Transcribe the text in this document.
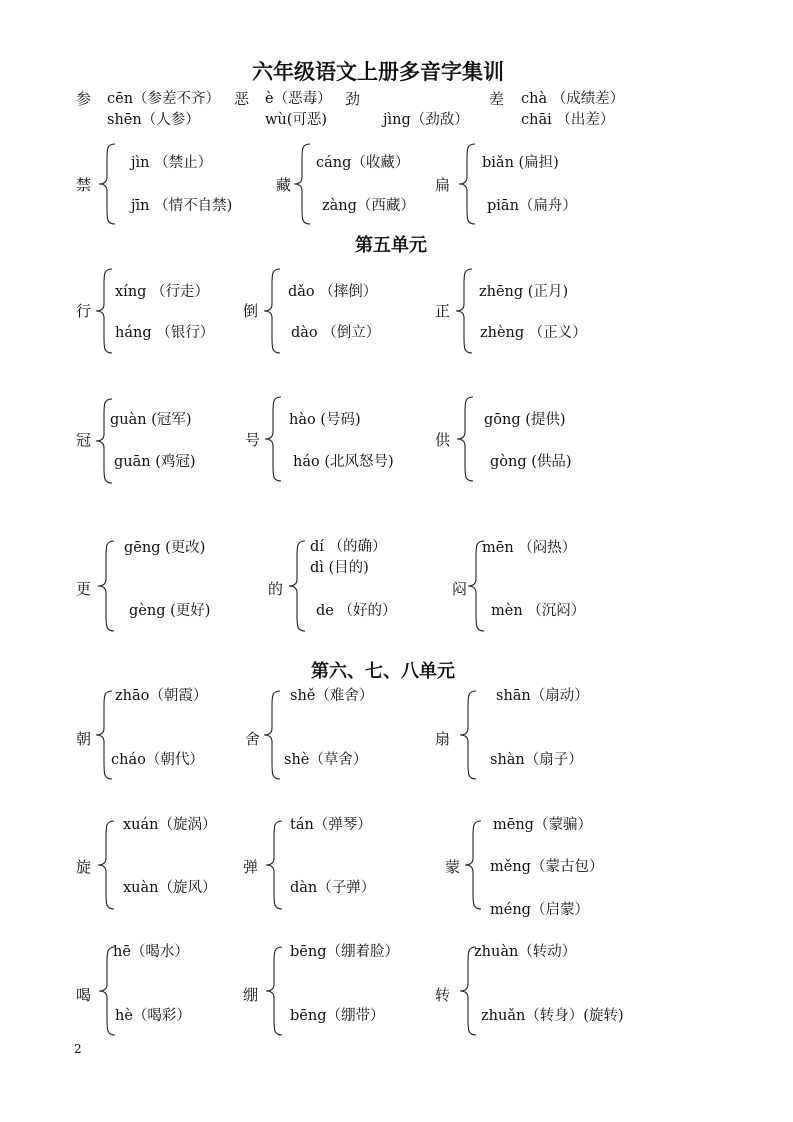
六年级语文上册多音字集训
参 cēn（参差不齐）
shēn（人参）
恶 è（恶毒）
wù(可恶)
劲
jìng（劲敌）
差 chà （成绩差）
chāi （出差）
禁
jìn （禁止）
jīn （情不自禁)
藏
cáng（收藏）
zàng（西藏）
扁
biǎn (扁担)
piān（扁舟）
第五单元
行
xíng （行走）
háng （银行）
倒
dǎo （摔倒）
dào （倒立）
正
zhēng (正月)
zhèng （正义）
冠
guàn (冠军)
guān (鸡冠)
号
hào (号码)
háo (北风怒号)
供
gōng (提供)
gòng (供品)
更
gēng (更改)
gèng (更好)
的
dí （的确）
dì (目的)
de （好的）
闷
mēn （闷热）
mèn （沉闷）
第六、七、八单元
朝
zhāo（朝霞）
cháo（朝代）
舍
shě（难舍）
shè（草舍）
扇
shān（扇动）
shàn（扇子）
旋
xuán（旋涡）
xuàn（旋风）
弹
tán（弹琴）
dàn（子弹）
蒙
mēng（蒙骗）
měng（蒙古包）
méng（启蒙）
喝
hē（喝水）
hè（喝彩）
绷
bēng（绷着脸）
bēng（绷带）
转
zhuàn（转动）
zhuǎn（转身）(旋转)
2
